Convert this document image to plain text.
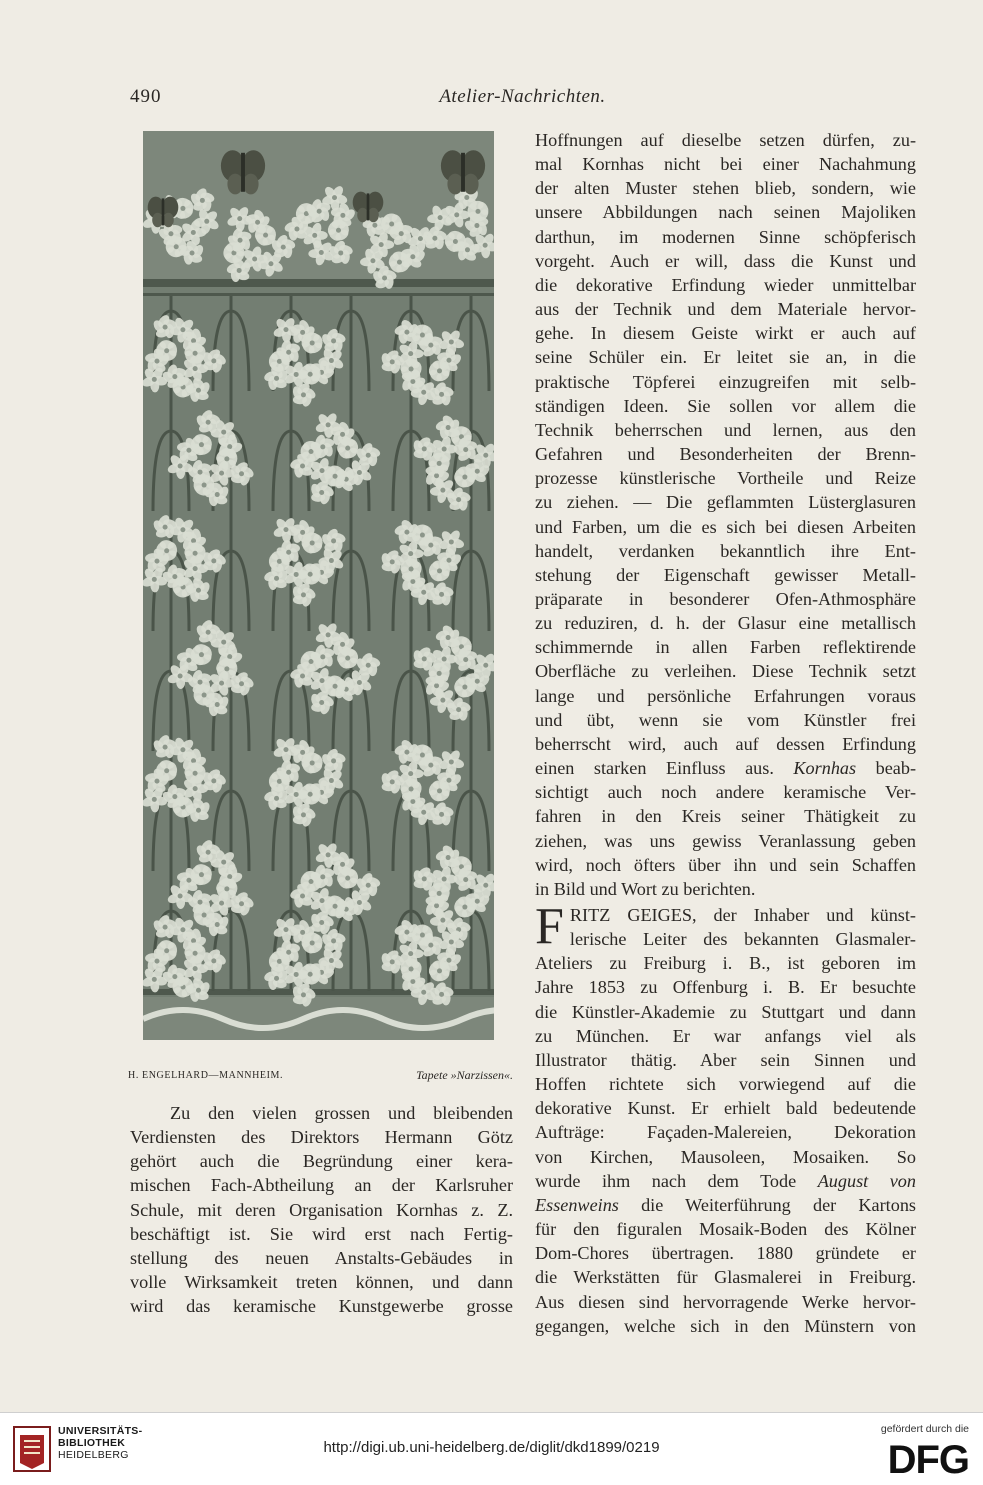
490	Atelier-Nachrichten.
H. ENGELHARD—MANNHEIM.	Tapete »Narzissen«.
Zu den vielen grossen und bleibenden
Verdiensten des Direktors Hermann Götz
gehört auch die Begründung einer kera-
mischen Fach-Abtheilung an der Karlsruher
Schule, mit deren Organisation Kornhas z. Z.
beschäftigt ist. Sie wird erst nach Fertig-
stellung des neuen Anstalts-Gebäudes in
volle Wirksamkeit treten können, und dann
wird das keramische Kunstgewerbe grosse
Hoffnungen auf dieselbe setzen dürfen, zu-
mal Kornhas nicht bei einer Nachahmung
der alten Muster stehen blieb, sondern, wie
unsere Abbildungen nach seinen Majoliken
darthun, im modernen Sinne schöpferisch
vorgeht. Auch er will, dass die Kunst und
die dekorative Erfindung wieder unmittelbar
aus der Technik und dem Materiale hervor-
gehe. In diesem Geiste wirkt er auch auf
seine Schüler ein. Er leitet sie an, in die
praktische Töpferei einzugreifen mit selb-
ständigen Ideen. Sie sollen vor allem die
Technik beherrschen und lernen, aus den
Gefahren und Besonderheiten der Brenn-
prozesse künstlerische Vortheile und Reize
zu ziehen. — Die geflammten Lüsterglasuren
und Farben, um die es sich bei diesen Arbeiten
handelt, verdanken bekanntlich ihre Ent-
stehung der Eigenschaft gewisser Metall-
präparate in besonderer Ofen-Athmosphäre
zu reduziren, d. h. der Glasur eine metallisch
schimmernde in allen Farben reflektirende
Oberfläche zu verleihen. Diese Technik setzt
lange und persönliche Erfahrungen voraus
und übt, wenn sie vom Künstler frei
beherrscht wird, auch auf dessen Erfindung
einen starken Einfluss aus. Kornhas beab-
sichtigt auch noch andere keramische Ver-
fahren in den Kreis seiner Thätigkeit zu
ziehen, was uns gewiss Veranlassung geben
wird, noch öfters über ihn und sein Schaffen
in Bild und Wort zu berichten.
F RITZ GEIGES, der Inhaber und künst-
lerische Leiter des bekannten Glasmaler-
Ateliers zu Freiburg i. B., ist geboren im
Jahre 1853 zu Offenburg i. B. Er besuchte
die Künstler-Akademie zu Stuttgart und dann
zu München. Er war anfangs viel als
Illustrator thätig. Aber sein Sinnen und
Hoffen richtete sich vorwiegend auf die
dekorative Kunst. Er erhielt bald bedeutende
Aufträge: Façaden-Malereien, Dekoration
von Kirchen, Mausoleen, Mosaiken. So
wurde ihm nach dem Tode August von
Essenweins die Weiterführung der Kartons
für den figuralen Mosaik-Boden des Kölner
Dom-Chores übertragen. 1880 gründete er
die Werkstätten für Glasmalerei in Freiburg.
Aus diesen sind hervorragende Werke hervor-
gegangen, welche sich in den Münstern von
UNIVERSITÄTS-
BIBLIOTHEK
HEIDELBERG	http://digi.ub.uni-heidelberg.de/diglit/dkd1899/0219
gefördert durch die
DFG
